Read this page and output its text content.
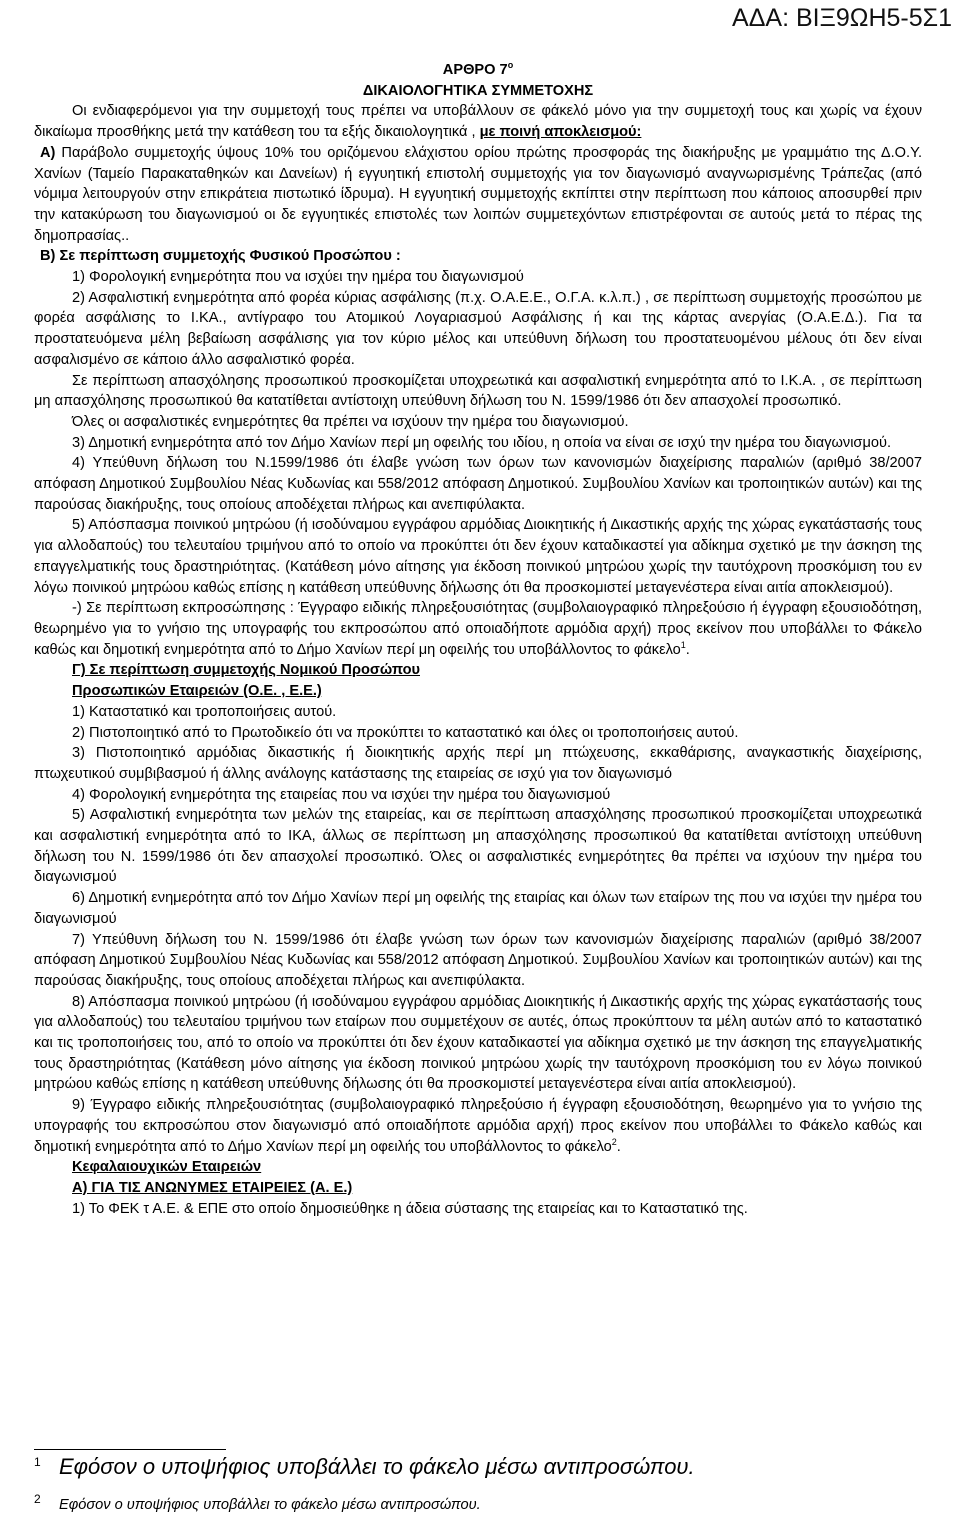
ΑΔΑ: ΒΙΞ9ΩΗ5-5Σ1

ΑΡΘΡΟ $7^o$

ΔΙΚΑΙΟΛΟΓΗΤΙΚΑ ΣΥΜΜΕΤΟΧΗΣ

Οι ενδιαφερόμενοι για την συμμετοχή τους πρέπει να υποβάλλουν σε φάκελό μόνο για την συμμετοχή τους και χωρίς να έχουν δικαίωμα προσθήκης μετά την κατάθεση του τα εξής δικαιολογητικά , με ποινή αποκλεισμού:

Α) Παράβολο συμμετοχής ύψους 10% του οριζόμενου ελάχιστου ορίου πρώτης προσφοράς της διακήρυξης με γραμμάτιο της Δ.Ο.Υ. Χανίων (Ταμείο Παρακαταθηκών και Δανείων) ή εγγυητική επιστολή συμμετοχής για τον διαγωνισμό αναγνωρισμένης Τράπεζας (από νόμιμα λειτουργούν στην επικράτεια πιστωτικό ίδρυμα). Η εγγυητική συμμετοχής εκπίπτει στην περίπτωση που κάποιος αποσυρθεί πριν την κατακύρωση του διαγωνισμού οι δε εγγυητικές επιστολές των λοιπών συμμετεχόντων επιστρέφονται σε αυτούς μετά το πέρας της δημοπρασίας..

Β) Σε περίπτωση συμμετοχής Φυσικού Προσώπου :

1) Φορολογική ενημερότητα που να ισχύει την ημέρα του διαγωνισμού

2) Ασφαλιστική ενημερότητα από φορέα κύριας ασφάλισης (π.χ. Ο.Α.Ε.Ε., Ο.Γ.Α. κ.λ.π.) , σε περίπτωση συμμετοχής προσώπου με φορέα ασφάλισης το Ι.ΚΑ., αντίγραφο του Ατομικού Λογαριασμού Ασφάλισης ή και της κάρτας ανεργίας (Ο.Α.Ε.Δ.). Για τα προστατευόμενα μέλη βεβαίωση ασφάλισης για τον κύριο μέλος και υπεύθυνη δήλωση του προστατευομένου μέλους ότι δεν είναι ασφαλισμένο σε κάποιο άλλο ασφαλιστικό φορέα.

Σε περίπτωση απασχόλησης προσωπικού προσκομίζεται υποχρεωτικά και ασφαλιστική ενημερότητα από το Ι.Κ.Α. , σε περίπτωση μη απασχόλησης προσωπικού θα κατατίθεται αντίστοιχη υπεύθυνη δήλωση του Ν. 1599/1986 ότι δεν απασχολεί προσωπικό.

Όλες οι ασφαλιστικές ενημερότητες θα πρέπει να ισχύουν την ημέρα του διαγωνισμού.

3) Δημοτική ενημερότητα από τον Δήμο Χανίων περί μη οφειλής του ιδίου, η οποία να είναι σε ισχύ την ημέρα του διαγωνισμού.

4) Υπεύθυνη δήλωση του Ν.1599/1986 ότι έλαβε γνώση των όρων των κανονισμών διαχείρισης παραλιών (αριθμό 38/2007 απόφαση Δημοτικού Συμβουλίου Νέας Κυδωνίας και 558/2012 απόφαση Δημοτικού. Συμβουλίου Χανίων και τροποιητικών αυτών) και της παρούσας διακήρυξης, τους οποίους αποδέχεται πλήρως και ανεπιφύλακτα.

5) Απόσπασμα ποινικού μητρώου (ή ισοδύναμου εγγράφου αρμόδιας Διοικητικής ή Δικαστικής αρχής της χώρας εγκατάστασής τους για αλλοδαπούς) του τελευταίου τριμήνου από το οποίο να προκύπτει ότι δεν έχουν καταδικαστεί για αδίκημα σχετικό με την άσκηση της επαγγελματικής τους δραστηριότητας. (Κατάθεση μόνο αίτησης για έκδοση ποινικού μητρώου χωρίς την ταυτόχρονη προσκόμιση του εν λόγω ποινικού μητρώου καθώς επίσης η κατάθεση υπεύθυνης δήλωσης ότι θα προσκομιστεί μεταγενέστερα είναι αιτία αποκλεισμού).

-) Σε περίπτωση εκπροσώπησης : Έγγραφο ειδικής πληρεξουσιότητας (συμβολαιογραφικό πληρεξούσιο ή έγγραφη εξουσιοδότηση, θεωρημένο για το γνήσιο της υπογραφής του εκπροσώπου από οποιαδήποτε αρμόδια αρχή) προς εκείνον που υποβάλλει το Φάκελο καθώς και δημοτική ενημερότητα από το Δήμο Χανίων περί μη οφειλής του υποβάλλοντος το φάκελο$^1$.

Γ) Σε περίπτωση συμμετοχής Νομικού Προσώπου

Προσωπικών Εταιρειών (Ο.Ε. , Ε.Ε.)

1) Καταστατικό και τροποποιήσεις αυτού.

2) Πιστοποιητικό από το Πρωτοδικείο ότι να προκύπτει το καταστατικό και όλες οι τροποποιήσεις αυτού.

3) Πιστοποιητικό αρμόδιας δικαστικής ή διοικητικής αρχής περί μη πτώχευσης, εκκαθάρισης, αναγκαστικής διαχείρισης, πτωχευτικού συμβιβασμού ή άλλης ανάλογης κατάστασης της εταιρείας σε ισχύ για τον διαγωνισμό

4) Φορολογική ενημερότητα της εταιρείας που να ισχύει την ημέρα του διαγωνισμού

5) Ασφαλιστική ενημερότητα των μελών της εταιρείας, και σε περίπτωση απασχόλησης προσωπικού προσκομίζεται υποχρεωτικά και ασφαλιστική ενημερότητα από το ΙΚΑ, άλλως σε περίπτωση μη απασχόλησης προσωπικού θα κατατίθεται αντίστοιχη υπεύθυνη δήλωση του Ν. 1599/1986 ότι δεν απασχολεί προσωπικό. Όλες οι ασφαλιστικές ενημερότητες θα πρέπει να ισχύουν την ημέρα του διαγωνισμού

6) Δημοτική ενημερότητα από τον Δήμο Χανίων περί μη οφειλής της εταιρίας και όλων των εταίρων της που να ισχύει την ημέρα του διαγωνισμού

7) Υπεύθυνη δήλωση του Ν. 1599/1986 ότι έλαβε γνώση των όρων των κανονισμών διαχείρισης παραλιών (αριθμό 38/2007 απόφαση Δημοτικού Συμβουλίου Νέας Κυδωνίας και 558/2012 απόφαση Δημοτικού. Συμβουλίου Χανίων και τροποιητικών αυτών) και της παρούσας διακήρυξης, τους οποίους αποδέχεται πλήρως και ανεπιφύλακτα.

8) Απόσπασμα ποινικού μητρώου (ή ισοδύναμου εγγράφου αρμόδιας Διοικητικής ή Δικαστικής αρχής της χώρας εγκατάστασής τους για αλλοδαπούς) του τελευταίου τριμήνου των εταίρων που συμμετέχουν σε αυτές, όπως προκύπτουν τα μέλη αυτών από το καταστατικό και τις τροποποιήσεις του, από το οποίο να προκύπτει ότι δεν έχουν καταδικαστεί για αδίκημα σχετικό με την άσκηση της επαγγελματικής τους δραστηριότητας (Κατάθεση μόνο αίτησης για έκδοση ποινικού μητρώου χωρίς την ταυτόχρονη προσκόμιση του εν λόγω ποινικού μητρώου καθώς επίσης η κατάθεση υπεύθυνης δήλωσης ότι θα προσκομιστεί μεταγενέστερα είναι αιτία αποκλεισμού).

9) Έγγραφο ειδικής πληρεξουσιότητας (συμβολαιογραφικό πληρεξούσιο ή έγγραφη εξουσιοδότηση, θεωρημένο για το γνήσιο της υπογραφής του εκπροσώπου στον διαγωνισμό από οποιαδήποτε αρμόδια αρχή) προς εκείνον που υποβάλλει το Φάκελο καθώς και δημοτική ενημερότητα από το Δήμο Χανίων περί μη οφειλής του υποβάλλοντος το φάκελο$^2$.

Κεφαλαιουχικών Εταιρειών

Α) ΓΙΑ ΤΙΣ ΑΝΩΝΥΜΕΣ ΕΤΑΙΡΕΙΕΣ (Α. Ε.)

1) Το ΦΕΚ τ Α.Ε. & ΕΠΕ στο οποίο δημοσιεύθηκε η άδεια σύστασης της εταιρείας και το Καταστατικό της.

1 Εφόσον ο υποψήφιος υποβάλλει το φάκελο μέσω αντιπροσώπου.
2 Εφόσον ο υποψήφιος υποβάλλει το φάκελο μέσω αντιπροσώπου.
